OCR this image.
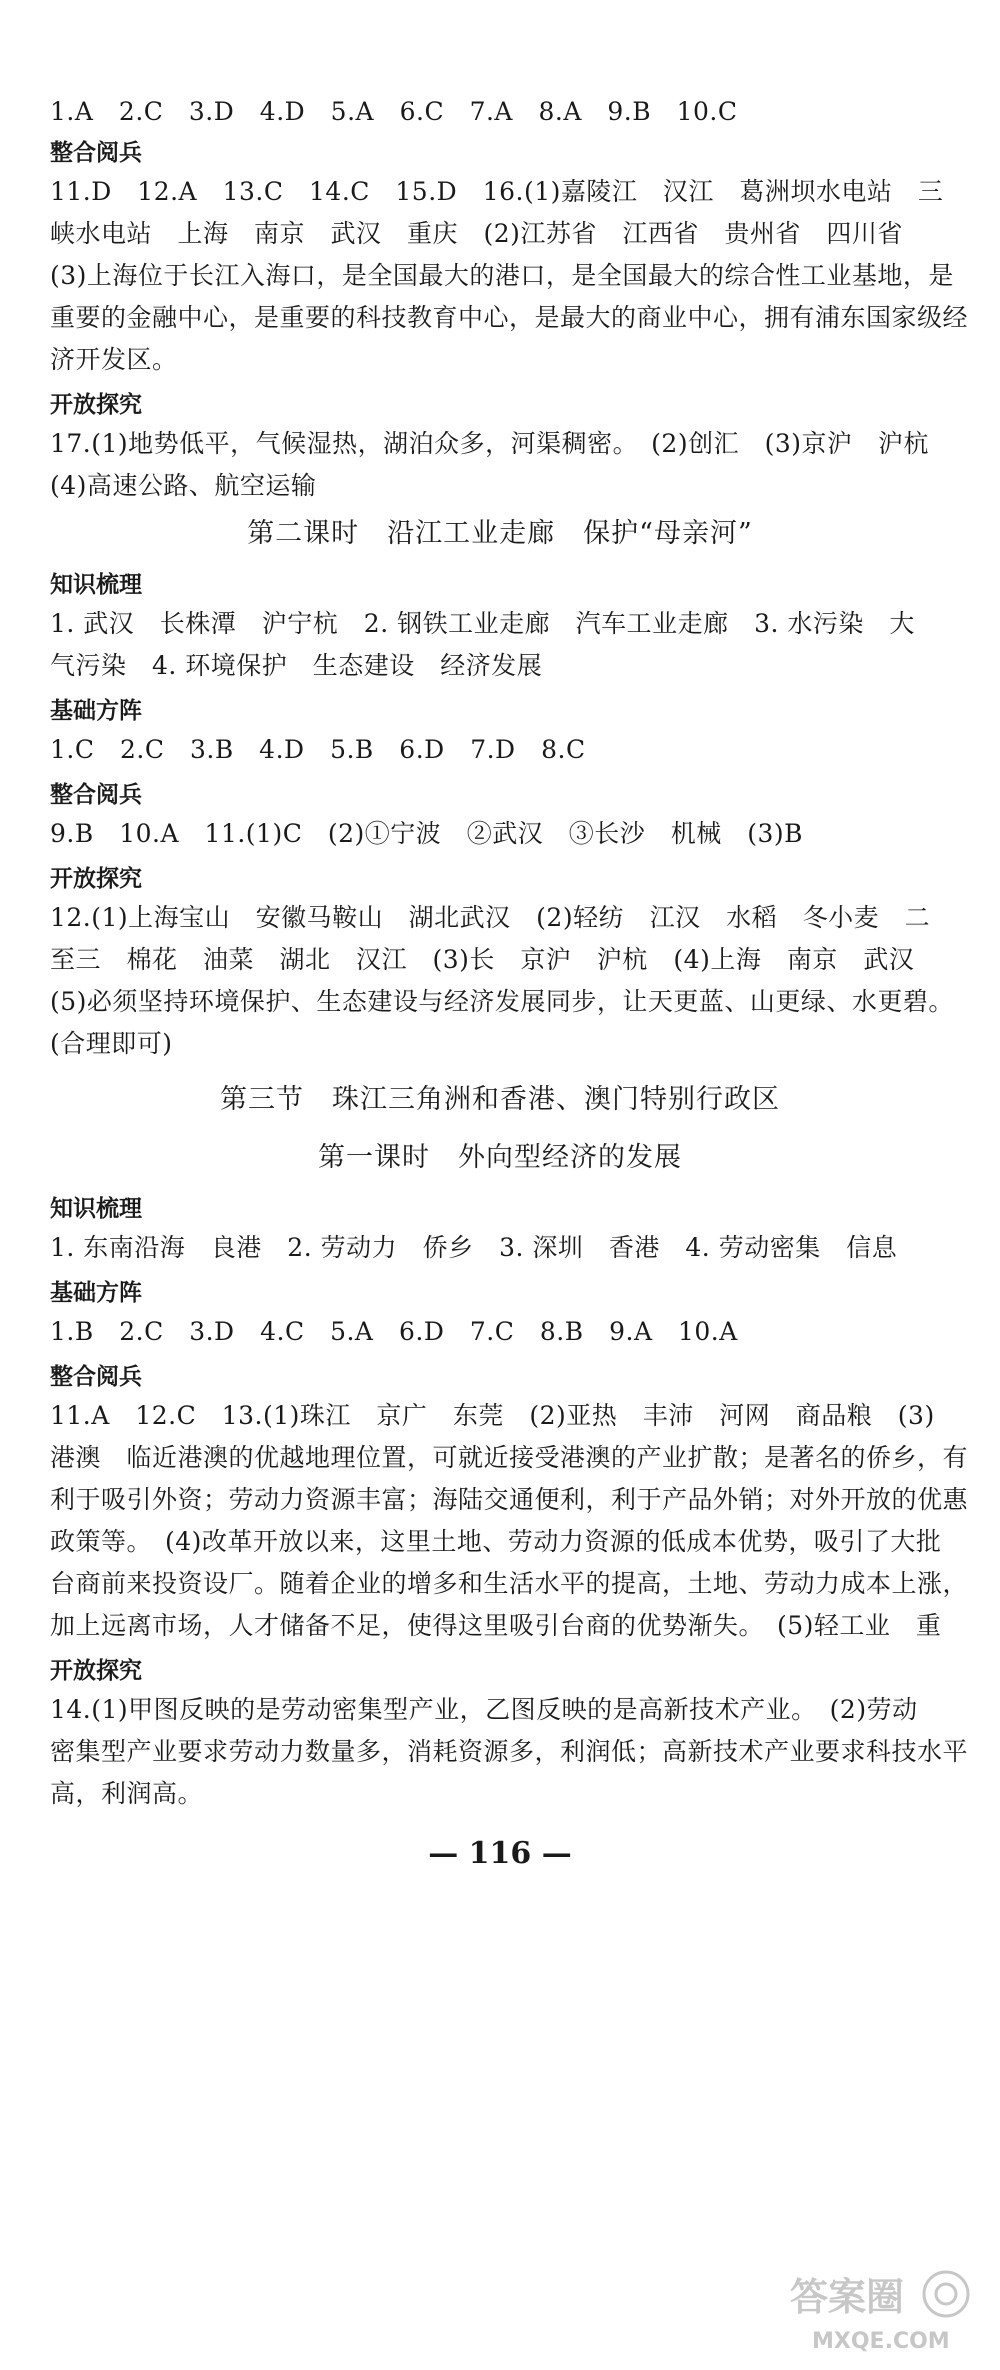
1.A　2.C　3.D　4.D　5.A　6.C　7.A　8.A　9.B　10.C
整合阅兵
11.D　12.A　13.C　14.C　15.D　16.(1)嘉陵江　汉江　葛洲坝水电站　三
峡水电站　上海　南京　武汉　重庆　(2)江苏省　江西省　贵州省　四川省
(3)上海位于长江入海口，是全国最大的港口，是全国最大的综合性工业基地，是
重要的金融中心，是重要的科技教育中心，是最大的商业中心，拥有浦东国家级经
济开发区。
开放探究
17.(1)地势低平，气候湿热，湖泊众多，河渠稠密。　(2)创汇　(3)京沪　沪杭
(4)高速公路、航空运输
第二课时　沿江工业走廊　保护“母亲河”
知识梳理
1. 武汉　长株潭　沪宁杭　2. 钢铁工业走廊　汽车工业走廊　3. 水污染　大
气污染　4. 环境保护　生态建设　经济发展
基础方阵
1.C　2.C　3.B　4.D　5.B　6.D　7.D　8.C
整合阅兵
9.B　10.A　11.(1)C　(2)①宁波　②武汉　③长沙　机械　(3)B
开放探究
12.(1)上海宝山　安徽马鞍山　湖北武汉　(2)轻纺　江汉　水稻　冬小麦　二
至三　棉花　油菜　湖北　汉江　(3)长　京沪　沪杭　(4)上海　南京　武汉
(5)必须坚持环境保护、生态建设与经济发展同步，让天更蓝、山更绿、水更碧。
(合理即可)
第三节　珠江三角洲和香港、澳门特别行政区
第一课时　外向型经济的发展
知识梳理
1. 东南沿海　良港　2. 劳动力　侨乡　3. 深圳　香港　4. 劳动密集　信息
基础方阵
1.B　2.C　3.D　4.C　5.A　6.D　7.C　8.B　9.A　10.A
整合阅兵
11.A　12.C　13.(1)珠江　京广　东莞　(2)亚热　丰沛　河网　商品粮　(3)
港澳　临近港澳的优越地理位置，可就近接受港澳的产业扩散；是著名的侨乡，有
利于吸引外资；劳动力资源丰富；海陆交通便利，利于产品外销；对外开放的优惠
政策等。　(4)改革开放以来，这里土地、劳动力资源的低成本优势，吸引了大批
台商前来投资设厂。随着企业的增多和生活水平的提高，土地、劳动力成本上涨，
加上远离市场，人才储备不足，使得这里吸引台商的优势渐失。　(5)轻工业　重
开放探究
14.(1)甲图反映的是劳动密集型产业，乙图反映的是高新技术产业。　(2)劳动
密集型产业要求劳动力数量多，消耗资源多，利润低；高新技术产业要求科技水平
高，利润高。
— 116 —
答案圈
MXQE.COM
